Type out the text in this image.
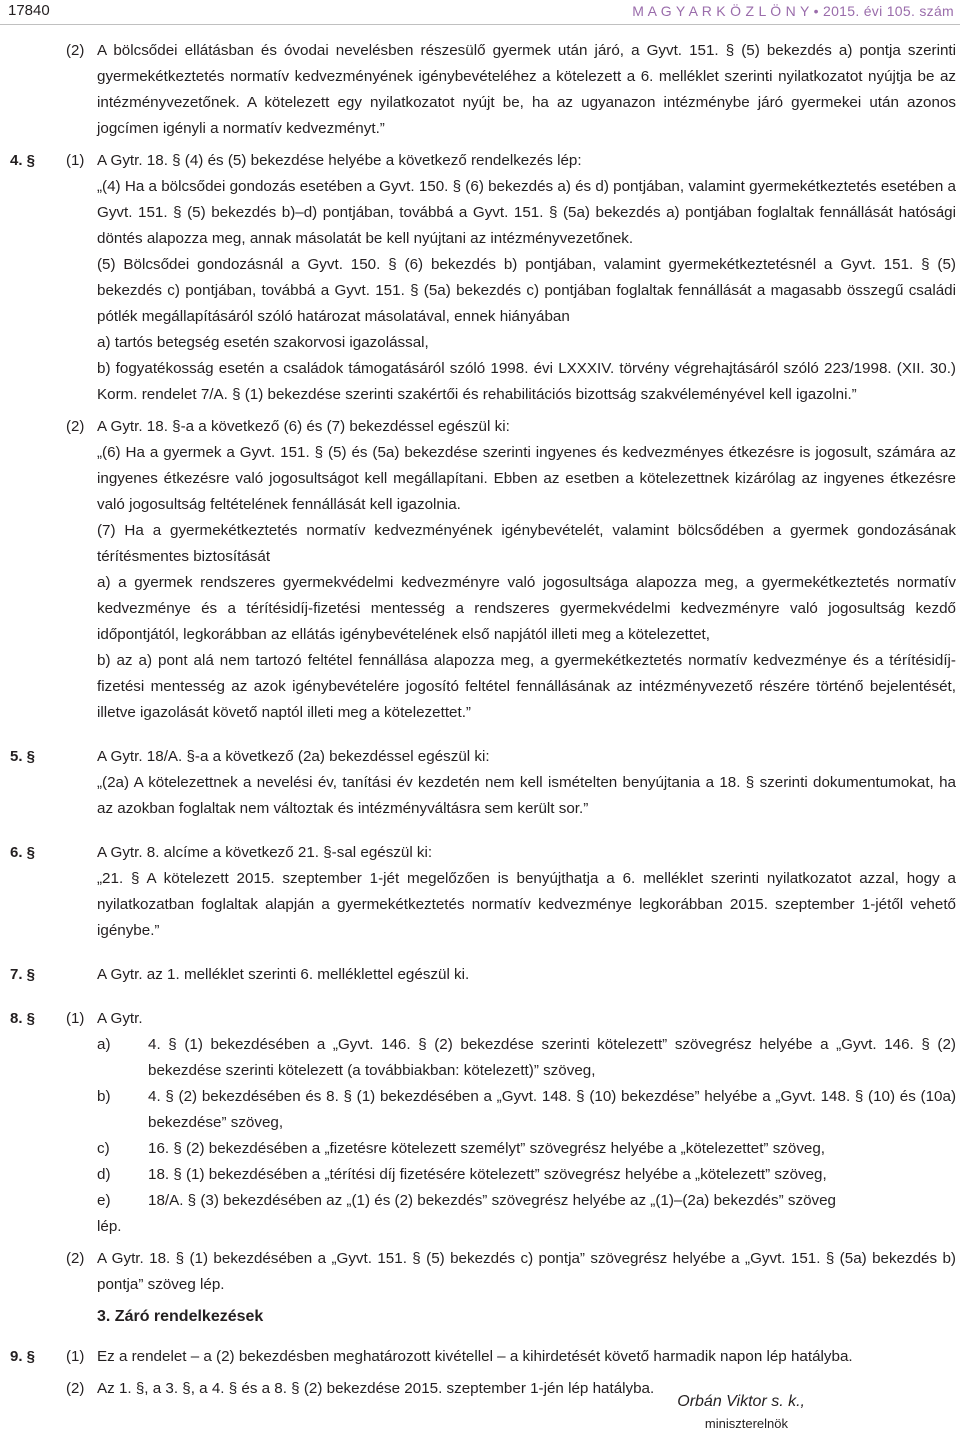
17840	M A G Y A R K Ö Z L Ö N Y • 2015. évi 105. szám
(2) A bölcsődei ellátásban és óvodai nevelésben részesülő gyermek után járó, a Gyvt. 151. § (5) bekezdés a) pontja szerinti gyermekétkeztetés normatív kedvezményének igénybevételéhez a kötelezett a 6. melléklet szerinti nyilatkozatot nyújtja be az intézményvezetőnek. A kötelezett egy nyilatkozatot nyújt be, ha az ugyanazon intézménybe járó gyermekei után azonos jogcímen igényli a normatív kedvezményt.”

4. § (1) A Gytr. 18. § (4) és (5) bekezdése helyébe a következő rendelkezés lép:

„(4) Ha a bölcsődei gondozás esetében a Gyvt. 150. § (6) bekezdés a) és d) pontjában, valamint gyermekétkeztetés esetében a Gyvt. 151. § (5) bekezdés b)–d) pontjában, továbbá a Gyvt. 151. § (5a) bekezdés a) pontjában foglaltak fennállását hatósági döntés alapozza meg, annak másolatát be kell nyújtani az intézményvezetőnek.

(5) Bölcsődei gondozásnál a Gyvt. 150. § (6) bekezdés b) pontjában, valamint gyermekétkeztetésnél a Gyvt. 151. § (5) bekezdés c) pontjában, továbbá a Gyvt. 151. § (5a) bekezdés c) pontjában foglaltak fennállását a magasabb összegű családi pótlék megállapításáról szóló határozat másolatával, ennek hiányában

a) tartós betegség esetén szakorvosi igazolással,

b) fogyatékosság esetén a családok támogatásáról szóló 1998. évi LXXXIV. törvény végrehajtásáról szóló 223/1998. (XII. 30.) Korm. rendelet 7/A. § (1) bekezdése szerinti szakértői és rehabilitációs bizottság szakvéleményével kell igazolni.”

(2) A Gytr. 18. §-a a következő (6) és (7) bekezdéssel egészül ki:

„(6) Ha a gyermek a Gyvt. 151. § (5) és (5a) bekezdése szerinti ingyenes és kedvezményes étkezésre is jogosult, számára az ingyenes étkezésre való jogosultságot kell megállapítani. Ebben az esetben a kötelezettnek kizárólag az ingyenes étkezésre való jogosultság feltételének fennállását kell igazolnia.

(7) Ha a gyermekétkeztetés normatív kedvezményének igénybevételét, valamint bölcsődében a gyermek gondozásának térítésmentes biztosítását

a) a gyermek rendszeres gyermekvédelmi kedvezményre való jogosultsága alapozza meg, a gyermekétkeztetés normatív kedvezménye és a térítésidíj-fizetési mentesség a rendszeres gyermekvédelmi kedvezményre való jogosultság kezdő időpontjától, legkorábban az ellátás igénybevételének első napjától illeti meg a kötelezettet,

b) az a) pont alá nem tartozó feltétel fennállása alapozza meg, a gyermekétkeztetés normatív kedvezménye és a térítésidíj-fizetési mentesség az azok igénybevételére jogosító feltétel fennállásának az intézményvezető részére történő bejelentését, illetve igazolását követő naptól illeti meg a kötelezettet.”

5. §	A Gytr. 18/A. §-a a következő (2a) bekezdéssel egészül ki:

„(2a) A kötelezettnek a nevelési év, tanítási év kezdetén nem kell ismételten benyújtania a 18. § szerinti dokumentumokat, ha az azokban foglaltak nem változtak és intézményváltásra sem került sor.”

6. §	A Gytr. 8. alcíme a következő 21. §-sal egészül ki:

„21. § A kötelezett 2015. szeptember 1-jét megelőzően is benyújthatja a 6. melléklet szerinti nyilatkozatot azzal, hogy a nyilatkozatban foglaltak alapján a gyermekétkeztetés normatív kedvezménye legkorábban 2015. szeptember 1-jétől vehető igénybe.”

7. §	A Gytr. az 1. melléklet szerinti 6. melléklettel egészül ki.

8. § (1) A Gytr.

a) 4. § (1) bekezdésében a „Gyvt. 146. § (2) bekezdése szerinti kötelezett” szövegrész helyébe a „Gyvt. 146. § (2) bekezdése szerinti kötelezett (a továbbiakban: kötelezett)” szöveg,
b) 4. § (2) bekezdésében és 8. § (1) bekezdésében a „Gyvt. 148. § (10) bekezdése” helyébe a „Gyvt. 148. § (10) és (10a) bekezdése” szöveg,
c)	16. § (2) bekezdésében a „fizetésre kötelezett személyt” szövegrész helyébe a „kötelezettet” szöveg,
d) 18. § (1) bekezdésében a „térítési díj fizetésére kötelezett” szövegrész helyébe a „kötelezett” szöveg,
e) 18/A. § (3) bekezdésében az „(1) és (2) bekezdés” szövegrész helyébe az „(1)–(2a) bekezdés” szöveg

lép.

(2) A Gytr. 18. § (1) bekezdésében a „Gyvt. 151. § (5) bekezdés c) pontja” szövegrész helyébe a „Gyvt. 151. § (5a) bekezdés b) pontja” szöveg lép.

3. Záró rendelkezések
9. § (1) Ez a rendelet – a (2) bekezdésben meghatározott kivétellel – a kihirdetését követő harmadik napon lép hatályba.

(2) Az 1. §, a 3. §, a 4. § és a 8. § (2) bekezdése 2015. szeptember 1-jén lép hatályba.

Orbán Viktor s. k.,
miniszterelnök
